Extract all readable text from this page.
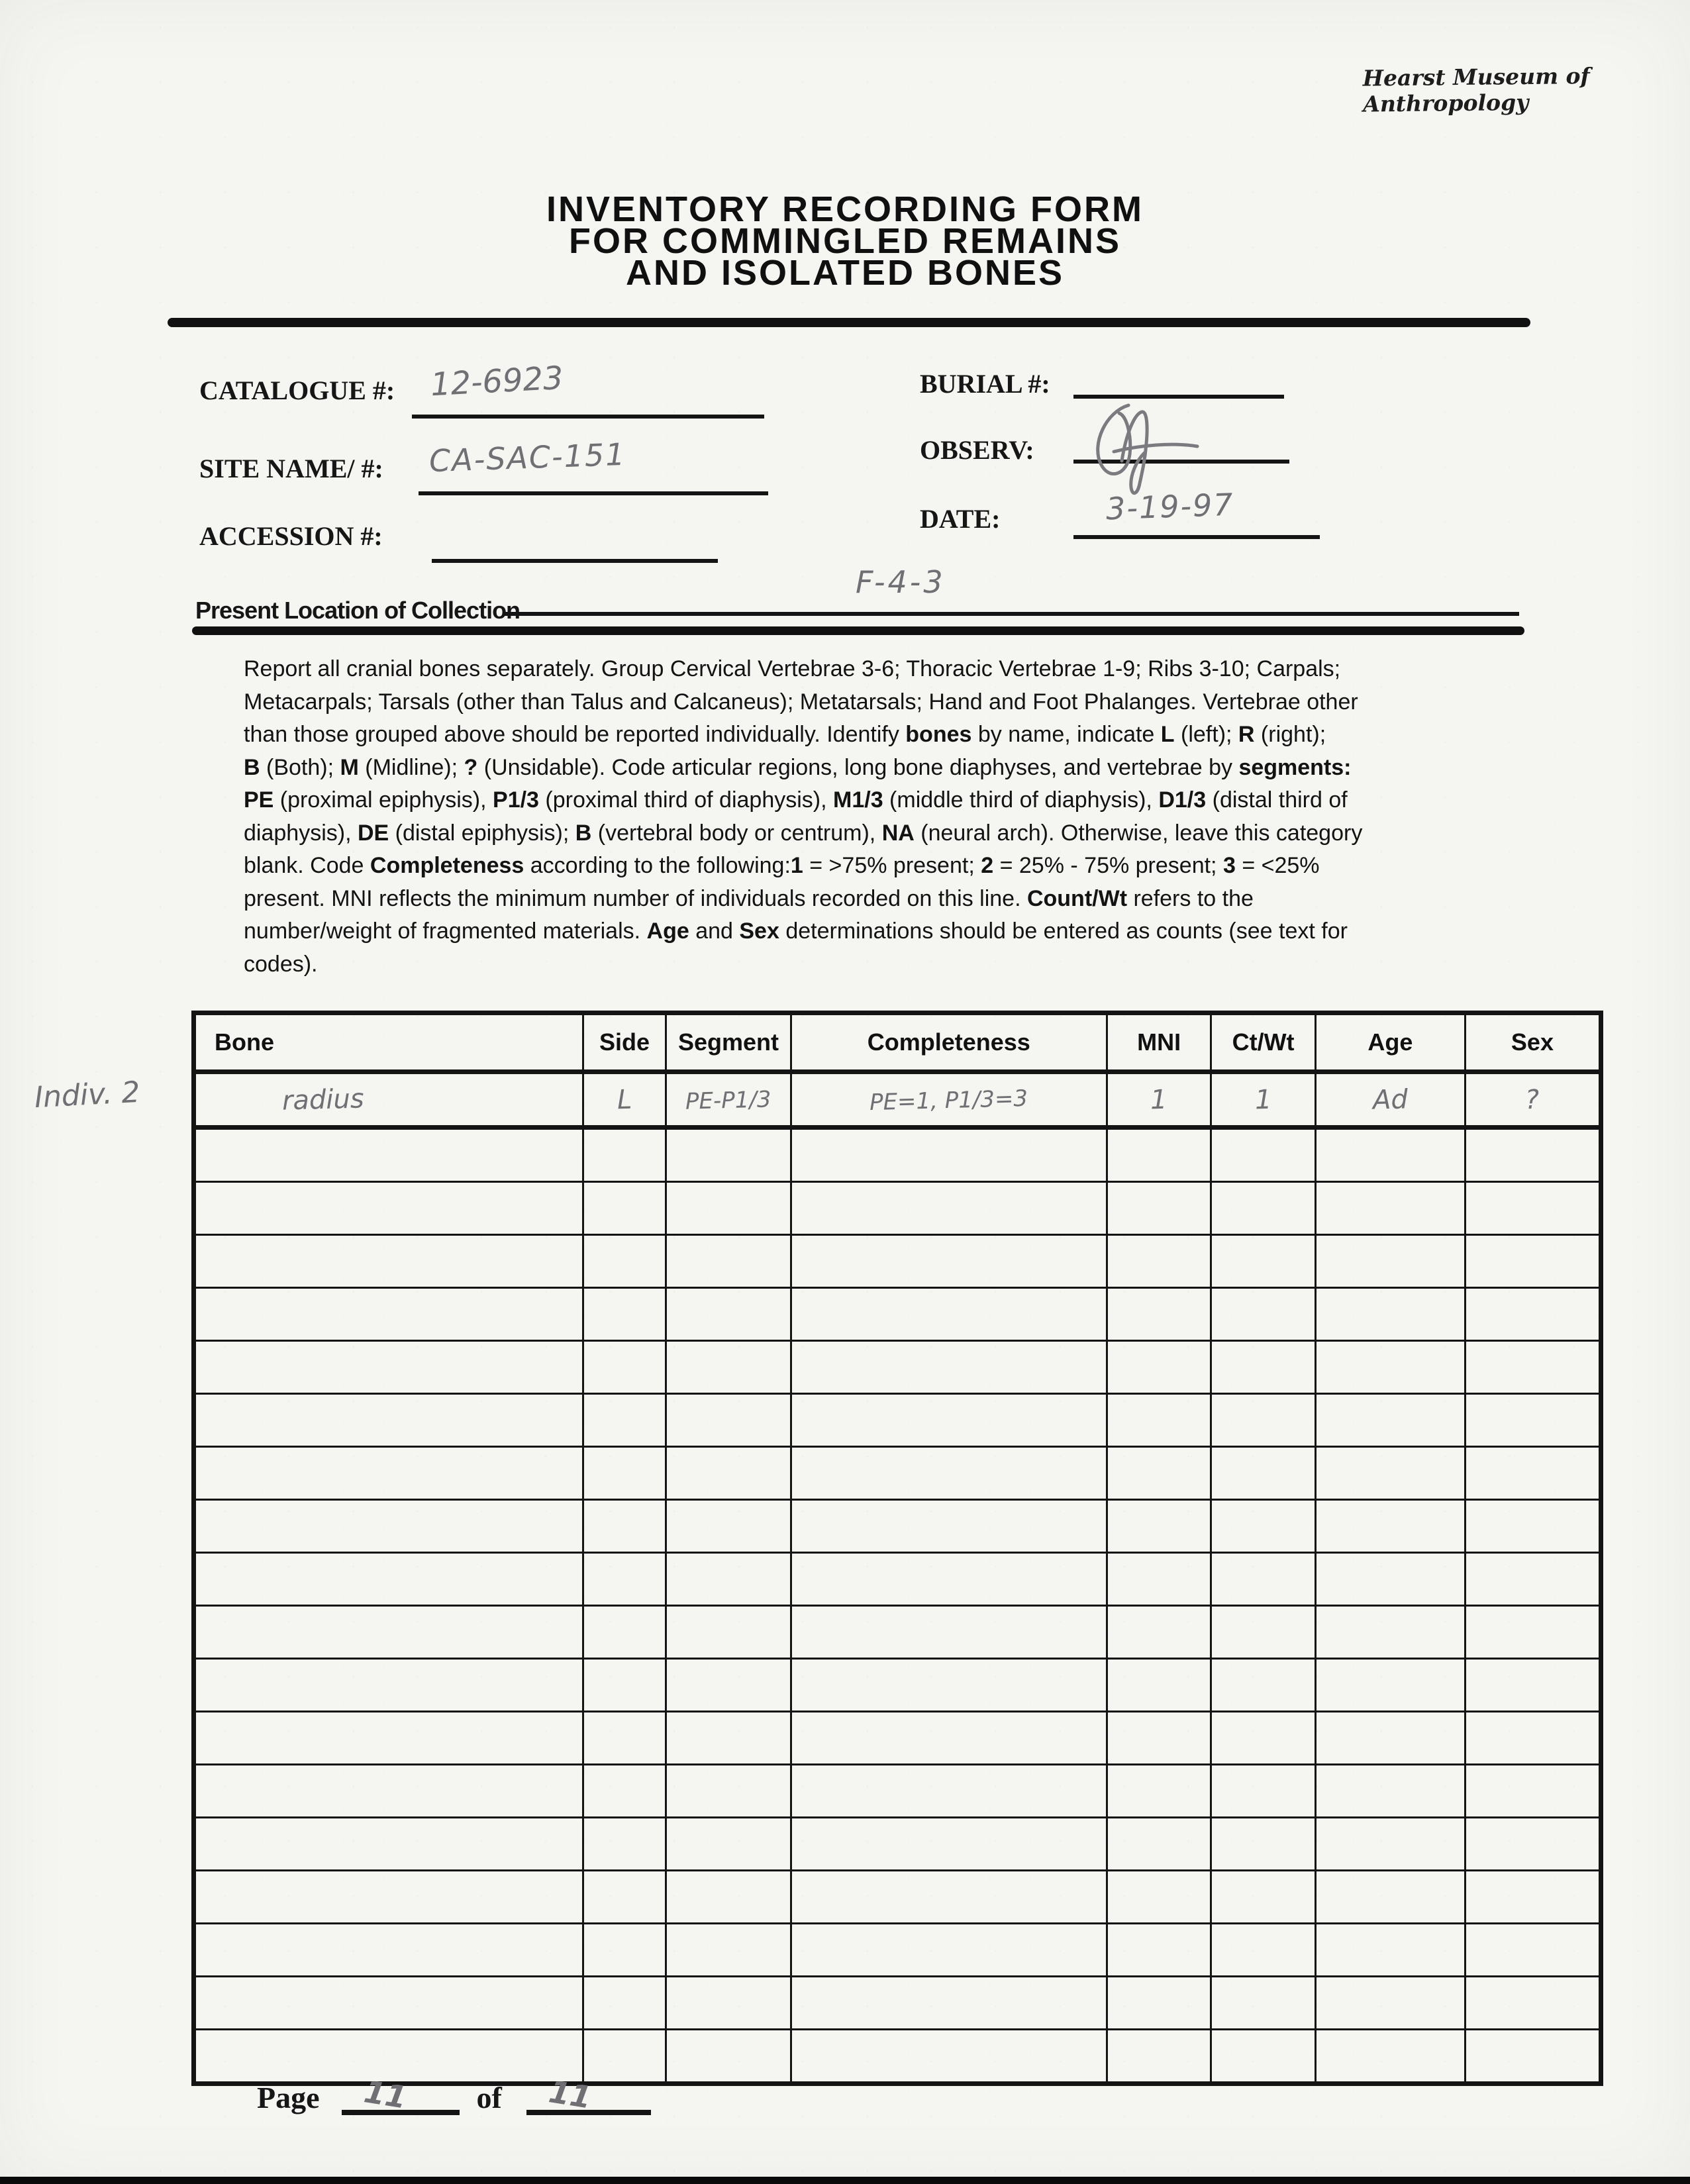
Hearst Museum of Anthropology
INVENTORY RECORDING FORM
FOR COMMINGLED REMAINS
AND ISOLATED BONES
CATALOGUE #: 12-6923
SITE NAME/ #: CA-SAC-151
ACCESSION #:
Present Location of Collection
F-4-3
BURIAL #:
OBSERV:
DATE:	3-19-97
Report all cranial bones separately. Group Cervical Vertebrae 3-6; Thoracic Vertebrae 1-9; Ribs 3-10; Carpals;
Metacarpals; Tarsals (other than Talus and Calcaneus); Metatarsals; Hand and Foot Phalanges. Vertebrae other
than those grouped above should be reported individually. Identify bones by name, indicate L (left); R (right);
B (Both); M (Midline); ? (Unsidable). Code articular regions, long bone diaphyses, and vertebrae by segments:
PE (proximal epiphysis), P1/3 (proximal third of diaphysis), M1/3 (middle third of diaphysis), D1/3 (distal third of
diaphysis), DE (distal epiphysis); B (vertebral body or centrum), NA (neural arch). Otherwise, leave this category
blank. Code Completeness according to the following:1 = >75% present; 2 = 25% - 75% present; 3 = <25%
present. MNI reflects the minimum number of individuals recorded on this line. Count/Wt refers to the
number/weight of fragmented materials. Age and Sex determinations should be entered as counts (see text for
codes).
Indiv. 2
Bone	Side	Segment	Completeness	MNI	Ct/Wt	Age	Sex
radius	L	PE-P1/3	PE=1, P1/3=3	1	1	Ad	?

Page 11 of 11
